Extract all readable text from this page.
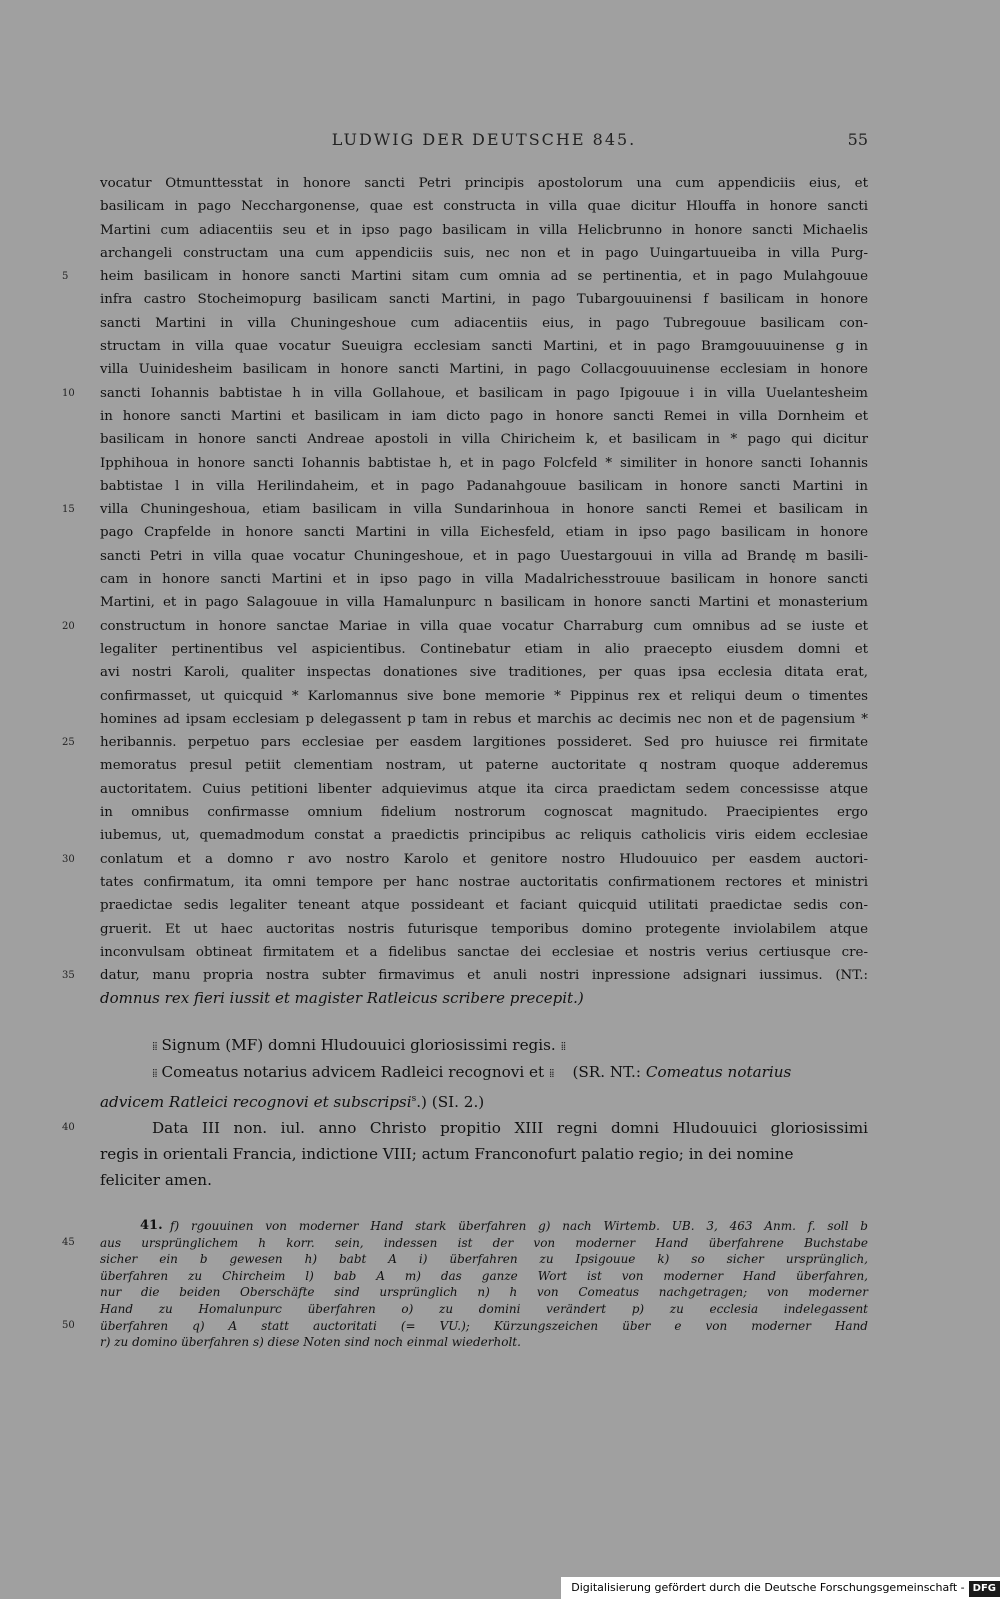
LUDWIG DER DEUTSCHE 845.	55
vocatur Otmunttesstat in honore sancti Petri principis apostolorum una cum appendiciis eius, et
basilicam in pago Necchargonense, quae est constructa in villa quae dicitur Hlouffa in honore sancti
Martini cum adiacentiis seu et in ipso pago basilicam in villa Helicbrunno in honore sancti Michaelis
archangeli constructam una cum appendiciis suis, nec non et in pago Uuingartuueiba in villa Purg-
5	heim basilicam in honore sancti Martini sitam cum omnia ad se pertinentia, et in pago Mulahgouue
infra castro Stocheimopurg basilicam sancti Martini, in pago Tubargouuinensi f basilicam in honore
sancti Martini in villa Chuningeshoue cum adiacentiis eius, in pago Tubregouue basilicam con-
structam in villa quae vocatur Sueuigra ecclesiam sancti Martini, et in pago Bramgouuuinense g in
villa Uuinidesheim basilicam in honore sancti Martini, in pago Collacgouuuinense ecclesiam in honore
10	sancti Iohannis babtistae h in villa Gollahoue, et basilicam in pago Ipigouue i in villa Uuelantesheim
in honore sancti Martini et basilicam in iam dicto pago in honore sancti Remei in villa Dornheim et
basilicam in honore sancti Andreae apostoli in villa Chiricheim k, et basilicam in * pago qui dicitur
Ipphihoua in honore sancti Iohannis babtistae h, et in pago Folcfeld * similiter in honore sancti Iohannis
babtistae l in villa Herilindaheim, et in pago Padanahgouue basilicam in honore sancti Martini in
15	villa Chuningeshoua, etiam basilicam in villa Sundarinhoua in honore sancti Remei et basilicam in
pago Crapfelde in honore sancti Martini in villa Eichesfeld, etiam in ipso pago basilicam in honore
sancti Petri in villa quae vocatur Chuningeshoue, et in pago Uuestargouui in villa ad Brandę m basili-
cam in honore sancti Martini et in ipso pago in villa Madalrichesstrouue basilicam in honore sancti
Martini, et in pago Salagouue in villa Hamalunpurc n basilicam in honore sancti Martini et monasterium
20	constructum in honore sanctae Mariae in villa quae vocatur Charraburg cum omnibus ad se iuste et
legaliter pertinentibus vel aspicientibus. Continebatur etiam in alio praecepto eiusdem domni et
avi nostri Karoli, qualiter inspectas donationes sive traditiones, per quas ipsa ecclesia ditata erat,
confirmasset, ut quicquid * Karlomannus sive bone memorie * Pippinus rex et reliqui deum o timentes
homines ad ipsam ecclesiam p delegassent p tam in rebus et marchis ac decimis nec non et de pagensium *
25	heribannis. perpetuo pars ecclesiae per easdem largitiones possideret. Sed pro huiusce rei firmitate
memoratus presul petiit clementiam nostram, ut paterne auctoritate q nostram quoque adderemus
auctoritatem. Cuius petitioni libenter adquievimus atque ita circa praedictam sedem concessisse atque
in omnibus confirmasse omnium fidelium nostrorum cognoscat magnitudo. Praecipientes ergo
iubemus, ut, quemadmodum constat a praedictis principibus ac reliquis catholicis viris eidem ecclesiae
30	conlatum et a domno r avo nostro Karolo et genitore nostro Hludouuico per easdem auctori-
tates confirmatum, ita omni tempore per hanc nostrae auctoritatis confirmationem rectores et ministri
praedictae sedis legaliter teneant atque possideant et faciant quicquid utilitati praedictae sedis con-
gruerit. Et ut haec auctoritas nostris futurisque temporibus domino protegente inviolabilem atque
inconvulsam obtineat firmitatem et a fidelibus sanctae dei ecclesiae et nostris verius certiusque cre-
35	datur, manu propria nostra subter firmavimus et anuli nostri inpressione adsignari iussimus. (NT.:
domnus rex fieri iussit et magister Ratleicus scribere precepit.)
⁞⁞ Signum (MF) domni Hludouuici gloriosissimi regis. ⁞⁞
⁞⁞ Comeatus notarius advicem Radleici recognovi et ⁞⁞ (SR. NT.: Comeatus notarius
advicem Ratleici recognovi et subscripsi$^s$.) (SI. 2.)
40	Data III non. iul. anno Christo propitio XIII regni domni Hludouuici gloriosissimi
regis in orientali Francia, indictione VIII; actum Franconofurt palatio regio; in dei nomine
feliciter amen.
41. f) rgouuinen von moderner Hand stark überfahren g) nach Wirtemb. UB. 3, 463 Anm. f. soll b
45	aus ursprünglichem h korr. sein, indessen ist der von moderner Hand überfahrene Buchstabe
sicher ein b gewesen h) babt A i) überfahren zu Ipsigouue k) so sicher ursprünglich,
überfahren zu Chircheim l) bab A m) das ganze Wort ist von moderner Hand überfahren,
nur die beiden Oberschäfte sind ursprünglich n) h von Comeatus nachgetragen; von moderner
Hand zu Homalunpurc überfahren o) zu domini verändert p) zu ecclesia indelegassent
50	überfahren q) A statt auctoritati (= VU.); Kürzungszeichen über e von moderner Hand
r) zu domino überfahren s) diese Noten sind noch einmal wiederholt.
Digitalisierung gefördert durch die Deutsche Forschungsgemeinschaft - DFG
